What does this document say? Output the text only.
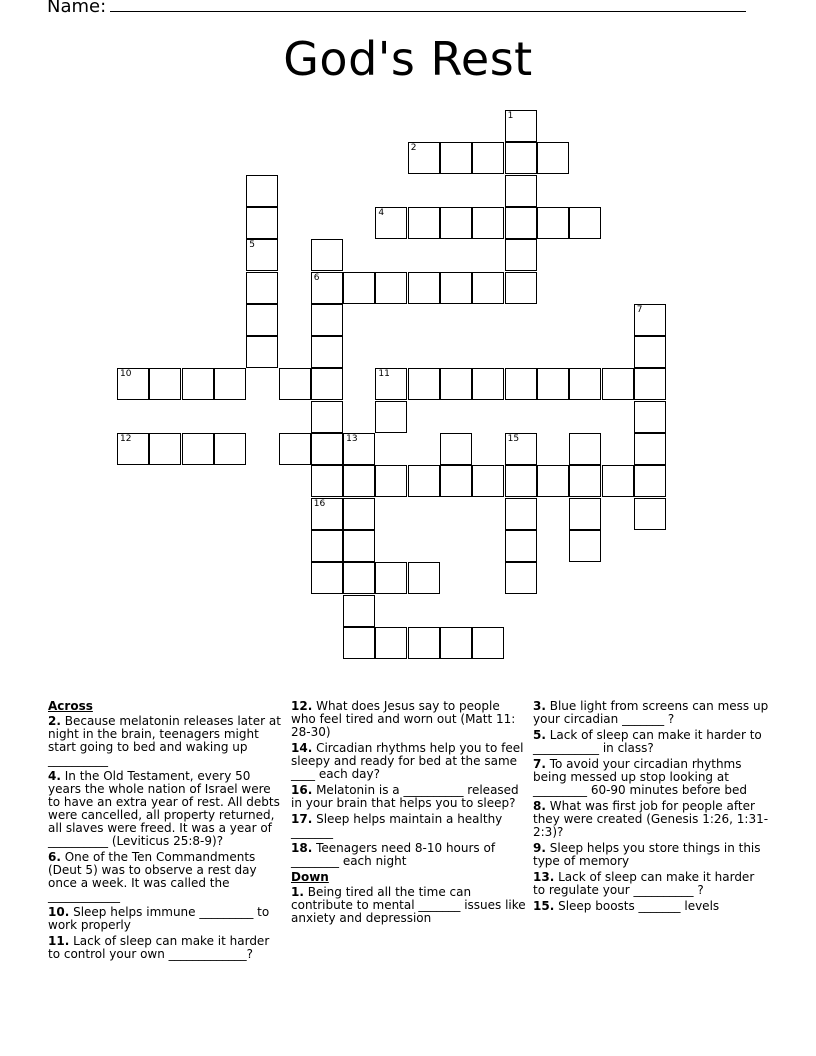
Name:
God's Rest
1
2
5
4
6
16
7
10	11
12	13	15
Across
2. Because melatonin releases later at night in the brain, teenagers might start going to bed and waking up __________
4. In the Old Testament, every 50 years the whole nation of Israel were to have an extra year of rest. All debts were cancelled, all property returned, all slaves were freed. It was a year of __________ (Leviticus 25:8-9)?
6. One of the Ten Commandments (Deut 5) was to observe a rest day once a week. It was called the ____________
10. Sleep helps immune _________ to work properly
11. Lack of sleep can make it harder to control your own _____________?
12. What does Jesus say to people who feel tired and worn out (Matt 11: 28-30)
14. Circadian rhythms help you to feel sleepy and ready for bed at the same ____ each day?
16. Melatonin is a __________ released in your brain that helps you to sleep?
17. Sleep helps maintain a healthy _______
18. Teenagers need 8-10 hours of ________ each night
Down
1. Being tired all the time can contribute to mental _______ issues like anxiety and depression
3. Blue light from screens can mess up your circadian _______ ?
5. Lack of sleep can make it harder to ___________ in class?
7. To avoid your circadian rhythms being messed up stop looking at _________ 60-90 minutes before bed
8. What was first job for people after they were created (Genesis 1:26, 1:31-2:3)?
9. Sleep helps you store things in this type of memory
13. Lack of sleep can make it harder to regulate your __________ ?
15. Sleep boosts _______ levels
